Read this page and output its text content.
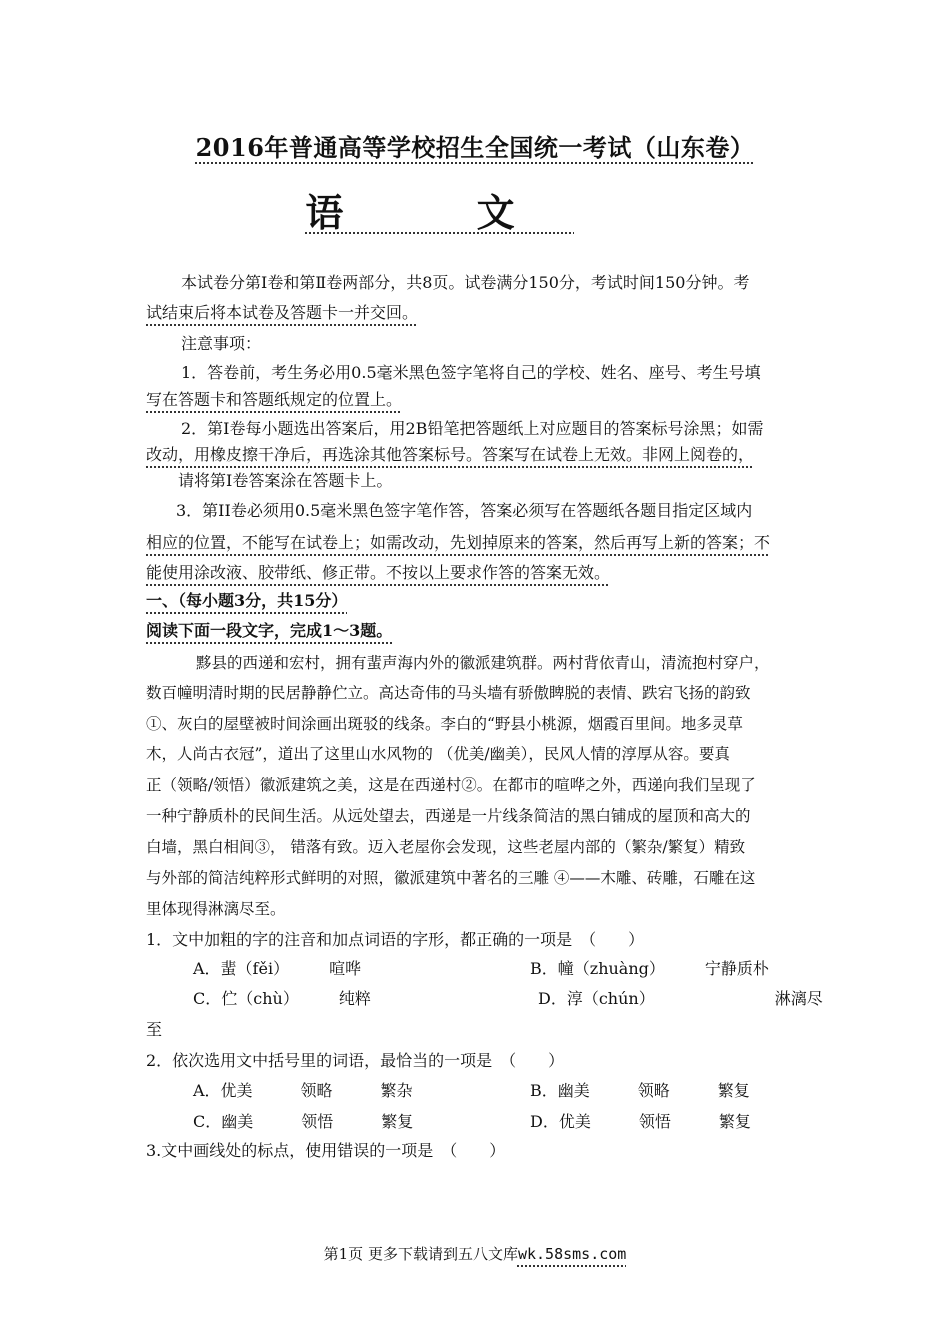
2016年普通高等学校招生全国统一考试（山东卷）
语 文
本试卷分第Ⅰ卷和第Ⅱ卷两部分，共8页。试卷满分150分，考试时间150分钟。考
试结束后将本试卷及答题卡一并交回。
注意事项：
1．答卷前，考生务必用0.5毫米黑色签字笔将自己的学校、姓名、座号、考生号填
写在答题卡和答题纸规定的位置上。
2．第Ⅰ卷每小题选出答案后，用2B铅笔把答题纸上对应题目的答案标号涂黑；如需
改动，用橡皮擦干净后，再选涂其他答案标号。答案写在试卷上无效。非网上阅卷的，
请将第Ⅰ卷答案涂在答题卡上。
3．第II卷必须用0.5毫米黑色签字笔作答，答案必须写在答题纸各题目指定区域内
相应的位置，不能写在试卷上；如需改动，先划掉原来的答案，然后再写上新的答案；不
能使用涂改液、胶带纸、修正带。不按以上要求作答的答案无效。
一、（每小题3分，共15分）
阅读下面一段文字，完成1～3题。
黟县的西递和宏村，拥有蜚声海内外的徽派建筑群。两村背依青山，清流抱村穿户，
数百幢明清时期的民居静静伫立。高达奇伟的马头墙有骄傲睥脱的表情、跌宕飞扬的韵致
①、灰白的屋壁被时间涂画出斑驳的线条。李白的“野县小桃源，烟霞百里间。地多灵草
木，人尚古衣冠”，道出了这里山水风物的 （优美/幽美），民风人情的淳厚从容。要真
正（领略/领悟）徽派建筑之美，这是在西递村②。在都市的喧哗之外，西递向我们呈现了
一种宁静质朴的民间生活。从远处望去，西递是一片线条简洁的黑白铺成的屋顶和高大的
白墙，黑白相间③， 错落有致。迈入老屋你会发现，这些老屋内部的（繁杂/繁复）精致
与外部的简洁纯粹形式鲜明的对照，徽派建筑中著名的三雕 ④——木雕、砖雕，石雕在这
里体现得淋漓尽至。
1．文中加粗的字的注音和加点词语的字形，都正确的一项是　（　　）
A．蜚（fěi）　　　喧哗	B．幢（zhuàng）　　　宁静质朴
C．伫（chù）　　　纯粹	D．淳（chún）　　　　　　　　淋漓尽
至
2．依次选用文中括号里的词语，最恰当的一项是　（　　）
A．优美　　　领略　　　繁杂	B．幽美　　　领略　　　繁复
C．幽美　　　领悟　　　繁复	D．优美　　　领悟　　　繁复
3.文中画线处的标点，使用错误的一项是　（　　）
第1页 更多下载请到五八文库wk.58sms.com
